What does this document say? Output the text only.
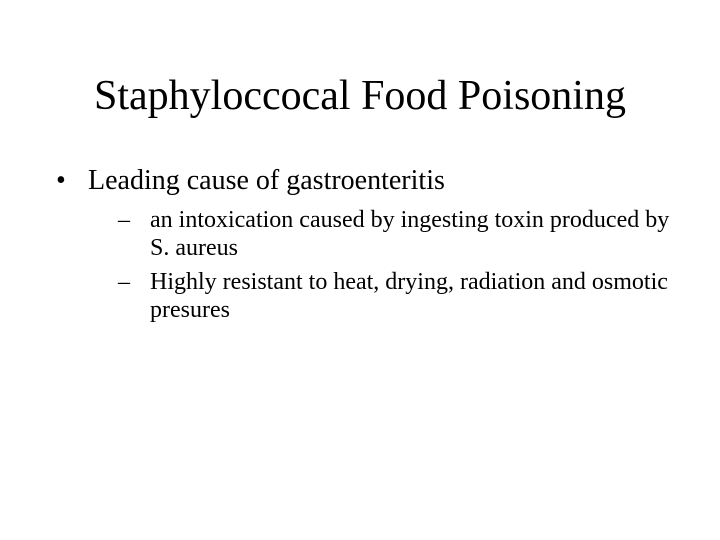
Staphyloccocal Food Poisoning
• Leading cause of gastroenteritis
– an intoxication caused by ingesting toxin produced by S. aureus
– Highly resistant to heat, drying, radiation and osmotic presures
